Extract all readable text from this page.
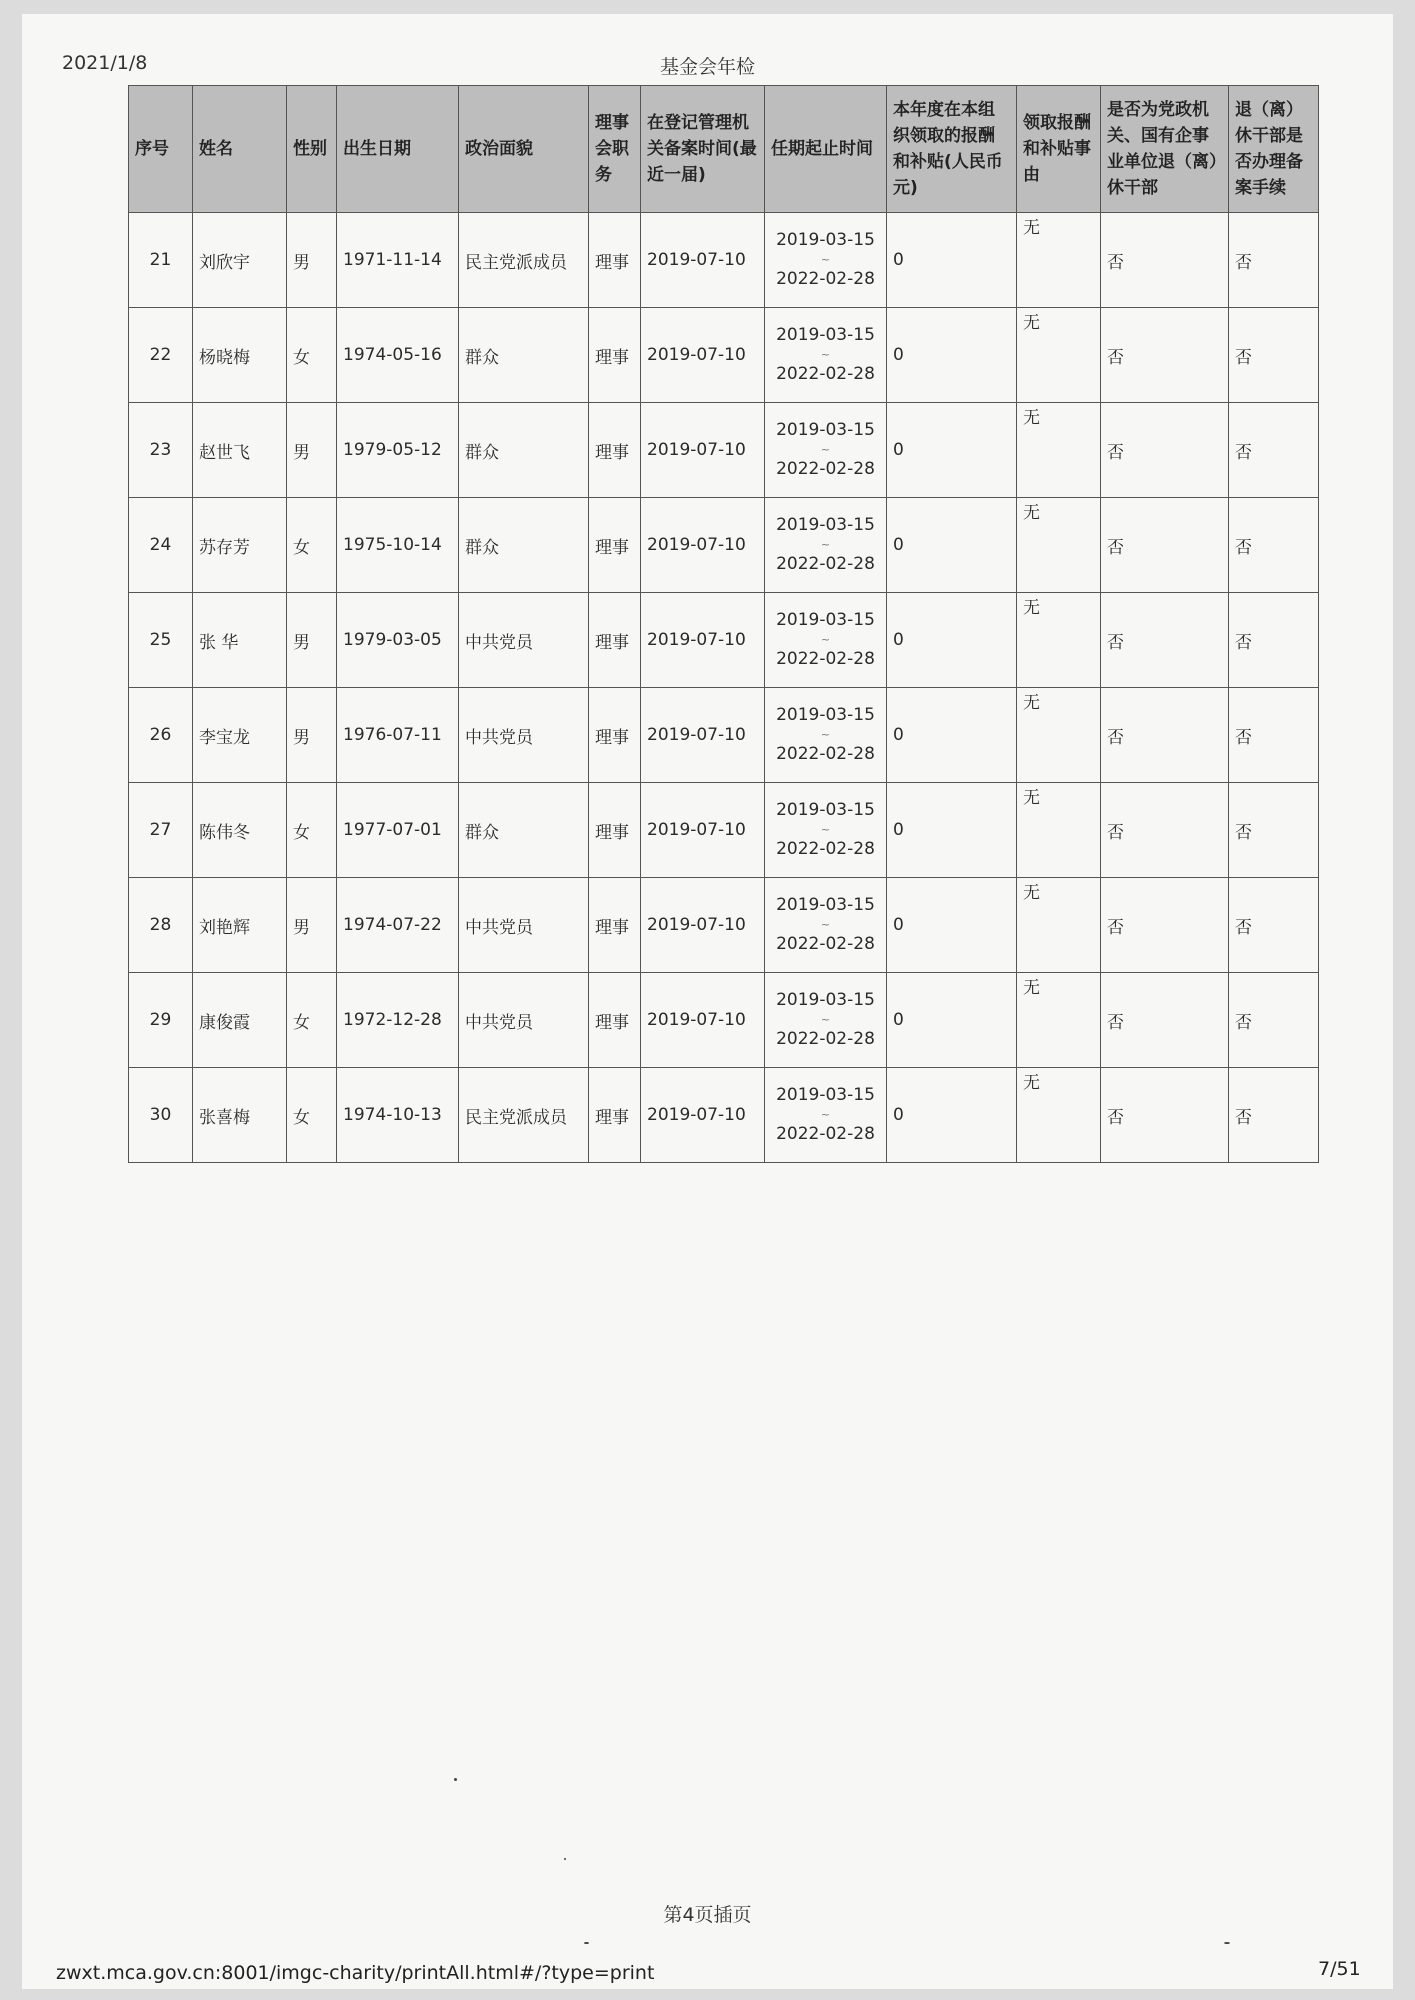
2021/1/8	基金会年检
序号	姓名	性别	出生日期	政治面貌	理事会职务	在登记管理机关备案时间(最近一届)	任期起止时间	本年度在本组织领取的报酬和补贴(人民币元)	领取报酬和补贴事由	是否为党政机关、国有企事业单位退（离）休干部	退（离）休干部是否办理备案手续
21	刘欣宇	男	1971-11-14	民主党派成员	理事	2019-07-10	2019-03-15
~
2022-02-28	0	无	否	否
22	杨晓梅	女	1974-05-16	群众	理事	2019-07-10	2019-03-15
~
2022-02-28	0	无	否	否
23	赵世飞	男	1979-05-12	群众	理事	2019-07-10	2019-03-15
~
2022-02-28	0	无	否	否
24	苏存芳	女	1975-10-14	群众	理事	2019-07-10	2019-03-15
~
2022-02-28	0	无	否	否
25	张 华	男	1979-03-05	中共党员	理事	2019-07-10	2019-03-15
~
2022-02-28	0	无	否	否
26	李宝龙	男	1976-07-11	中共党员	理事	2019-07-10	2019-03-15
~
2022-02-28	0	无	否	否
27	陈伟冬	女	1977-07-01	群众	理事	2019-07-10	2019-03-15
~
2022-02-28	0	无	否	否
28	刘艳辉	男	1974-07-22	中共党员	理事	2019-07-10	2019-03-15
~
2022-02-28	0	无	否	否
29	康俊霞	女	1972-12-28	中共党员	理事	2019-07-10	2019-03-15
~
2022-02-28	0	无	否	否
30	张喜梅	女	1974-10-13	民主党派成员	理事	2019-07-10	2019-03-15
~
2022-02-28	0	无	否	否
第4页插页
zwxt.mca.gov.cn:8001/imgc-charity/printAll.html#/?type=print	7/51
